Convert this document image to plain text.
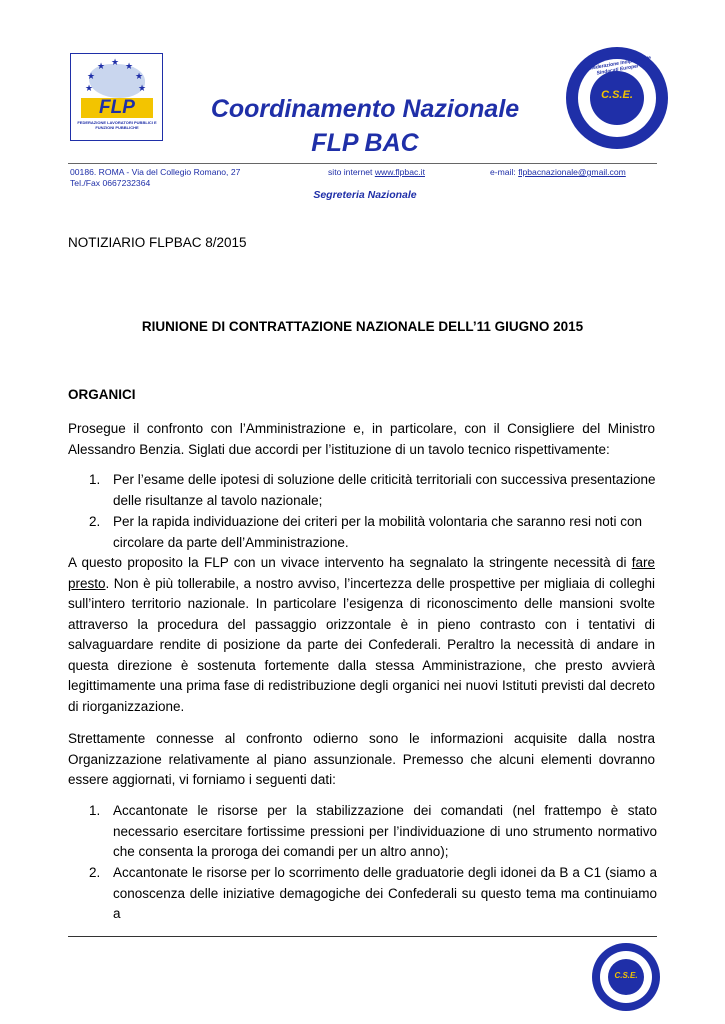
★
★ ★
★	★
★	★
FLP
FEDERAZIONE LAVORATORI PUBBLICI E FUNZIONI PUBBLICHE
Coordinamento Nazionale
FLP BAC
C.S.E.
Confederazione Indipendente Sindacati Europei
00186. ROMA - Via del Collegio Romano, 27
Tel./Fax 0667232364
sito internet www.flpbac.it	e-mail: flpbacnazionale@gmail.com
Segreteria Nazionale
NOTIZIARIO FLPBAC 8/2015
RIUNIONE DI CONTRATTAZIONE NAZIONALE DELL’11 GIUGNO 2015
ORGANICI
Prosegue il confronto con l’Amministrazione e, in particolare, con il Consigliere del Ministro Alessandro Benzia. Siglati due accordi per l’istituzione di un tavolo tecnico rispettivamente:
1. Per l’esame delle ipotesi di soluzione delle criticità territoriali con successiva presentazione
delle risultanze al tavolo nazionale;
2. Per la rapida individuazione dei criteri per la mobilità volontaria che saranno resi noti con
circolare da parte dell’Amministrazione.
A questo proposito la FLP con un vivace intervento ha segnalato la stringente necessità di fare presto. Non è più tollerabile, a nostro avviso, l’incertezza delle prospettive per migliaia di colleghi sull’intero territorio nazionale. In particolare l’esigenza di riconoscimento delle mansioni svolte attraverso la procedura del passaggio orizzontale è in pieno contrasto con i tentativi di salvaguardare rendite di posizione da parte dei Confederali. Peraltro la necessità di andare in questa direzione è sostenuta fortemente dalla stessa Amministrazione, che presto avvierà legittimamente una prima fase di redistribuzione degli organici nei nuovi Istituti previsti dal decreto di riorganizzazione.
Strettamente connesse al confronto odierno sono le informazioni acquisite dalla nostra Organizzazione relativamente al piano assunzionale. Premesso che alcuni elementi dovranno essere aggiornati, vi forniamo i seguenti dati:
1. Accantonate le risorse per la stabilizzazione dei comandati (nel frattempo è stato necessario esercitare fortissime pressioni per l’individuazione di uno strumento normativo che consenta la proroga dei comandi per un altro anno);
2. Accantonate le risorse per lo scorrimento delle graduatorie degli idonei da B a C1 (siamo a conoscenza delle iniziative demagogiche dei Confederali su questo tema ma continuiamo a
C.S.E.
